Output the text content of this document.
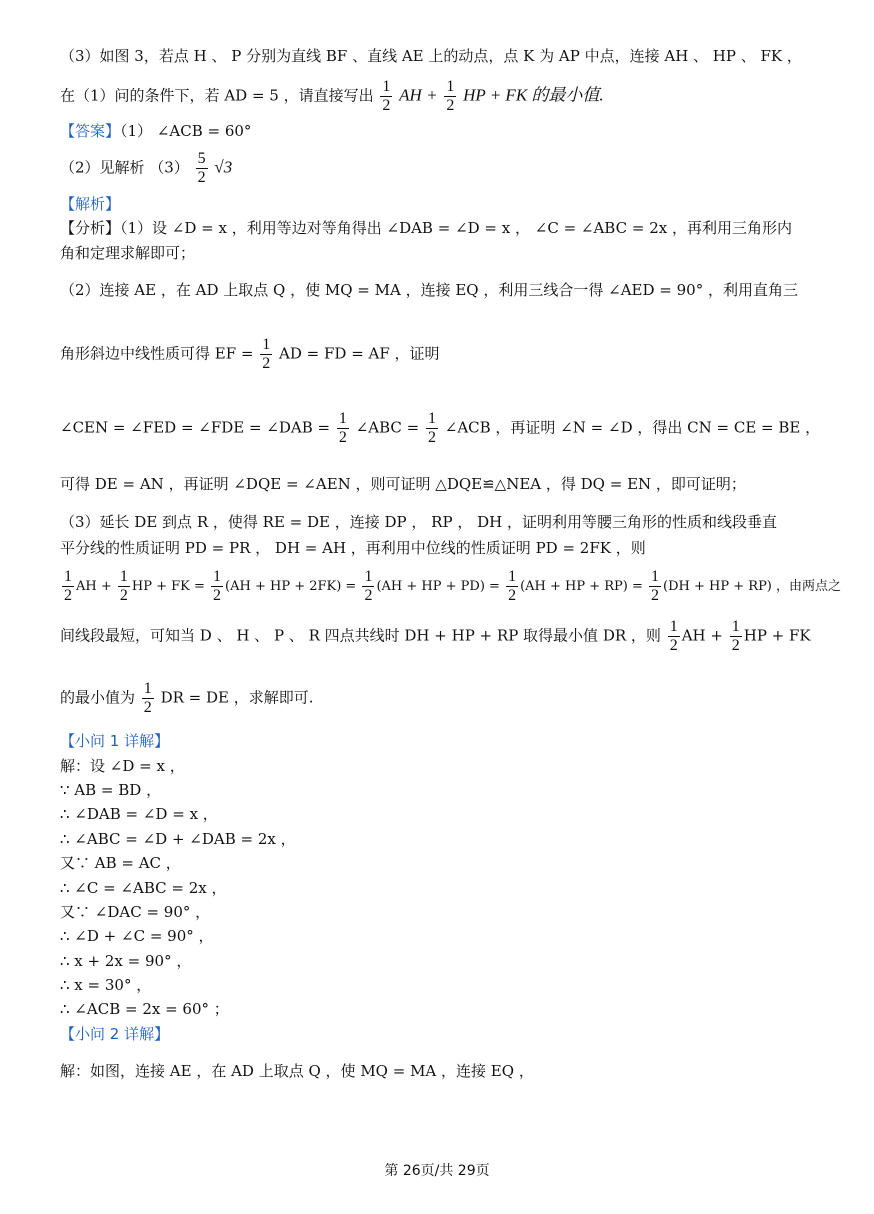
（3）如图 3，若点 H 、 P 分别为直线 BF 、直线 AE 上的动点，点 K 为 AP 中点，连接 AH 、 HP 、 FK ，
在（1）问的条件下，若 AD = 5 ，请直接写出 $\frac{1}{2}$ AH + $\frac{1}{2}$ HP + FK 的最小值.
【答案】（1） ∠ACB = 60°
（2）见解析 $(3) \frac{5}{2} √3$
【解析】
【分析】（1）设 ∠D = x ，利用等边对等角得出 ∠DAB = ∠D = x ， ∠C = ∠ABC = 2x ，再利用三角形内
角和定理求解即可；
（2）连接 AE ，在 AD 上取点 Q ，使 MQ = MA ，连接 EQ ，利用三线合一得 ∠AED = 90° ，利用直角三
角形斜边中线性质可得 EF = $\frac{1}{2}$ AD = FD = AF ，证明
∠CEN = ∠FED = ∠FDE = ∠DAB = $\frac{1}{2}$ ∠ABC = $\frac{1}{2}$ ∠ACB ，再证明 ∠N = ∠D ，得出 CN = CE = BE ，
可得 DE = AN ，再证明 ∠DQE = ∠AEN ，则可证明 △DQE≌△NEA ，得 DQ = EN ，即可证明；
（3）延长 DE 到点 R ，使得 RE = DE ，连接 DP ， RP ， DH ，证明利用等腰三角形的性质和线段垂直
平分线的性质证明 PD = PR ， DH = AH ，再利用中位线的性质证明 PD = 2FK ，则
$\frac{1}{2}$ AH + $\frac{1}{2}$ HP + FK = $\frac{1}{2} (AH$ + HP + $2FK) = \frac{1}{2} (AH$ + HP + $PD) = \frac{1}{2} (AH$ + HP + $RP) = \frac{1}{2} (DH$ + HP + RP) ，由两点之
间线段最短，可知当 D 、 H 、 P 、 R 四点共线时 DH + HP + RP 取得最小值 DR ，则 $\frac{1}{2}$ AH + $\frac{1}{2}$ HP + FK
的最小值为 $\frac{1}{2}$ DR = DE ，求解即可.
【小问 1 详解】
解：设 ∠D = x ，
∵ AB = BD ，
∴ ∠DAB = ∠D = x ，
∴ ∠ABC = ∠D + ∠DAB = 2x ，
又∵ AB = AC ，
∴ ∠C = ∠ABC = 2x ，
又∵ ∠DAC = 90° ，
∴ ∠D + ∠C = 90° ，
∴ x + 2x = 90° ，
∴ x = 30° ，
∴ ∠ACB = 2x = 60° ；
【小问 2 详解】
解：如图，连接 AE ，在 AD 上取点 Q ，使 MQ = MA ，连接 EQ ，
第 26页/共 29页
